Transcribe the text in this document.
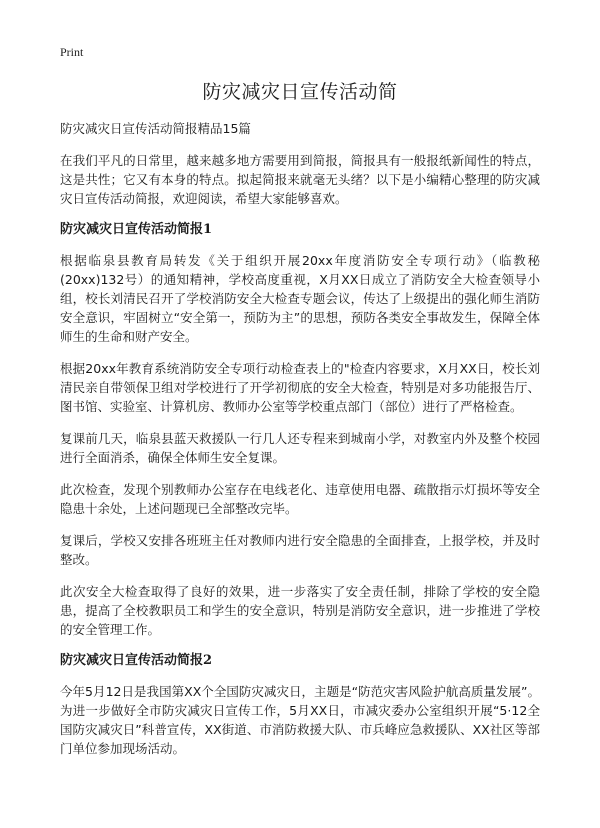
Print
防灾减灾日宣传活动简

防灾减灾日宣传活动简报精品15篇

在我们平凡的日常里，越来越多地方需要用到简报，简报具有一般报纸新闻性的特点，这是共性；它又有本身的特点。拟起简报来就毫无头绪？以下是小编精心整理的防灾减灾日宣传活动简报，欢迎阅读，希望大家能够喜欢。

防灾减灾日宣传活动简报1

根据临泉县教育局转发《关于组织开展20xx年度消防安全专项行动》（临教秘(20xx)132号）的通知精神，学校高度重视，X月XX日成立了消防安全大检查领导小组，校长刘清民召开了学校消防安全大检查专题会议，传达了上级提出的强化师生消防安全意识，牢固树立“安全第一，预防为主”的思想，预防各类安全事故发生，保障全体师生的生命和财产安全。

根据20xx年教育系统消防安全专项行动检查表上的"检查内容要求，X月XX日，校长刘清民亲自带领保卫组对学校进行了开学初彻底的安全大检查，特别是对多功能报告厅、图书馆、实验室、计算机房、教师办公室等学校重点部门（部位）进行了严格检查。

复课前几天，临泉县蓝天救援队一行几人还专程来到城南小学，对教室内外及整个校园进行全面消杀，确保全体师生安全复课。

此次检查，发现个别教师办公室存在电线老化、违章使用电器、疏散指示灯损坏等安全隐患十余处，上述问题现已全部整改完毕。

复课后，学校又安排各班班主任对教师内进行安全隐患的全面排查，上报学校，并及时整改。

此次安全大检查取得了良好的效果，进一步落实了安全责任制，排除了学校的安全隐患，提高了全校教职员工和学生的安全意识，特别是消防安全意识，进一步推进了学校的安全管理工作。

防灾减灾日宣传活动简报2

今年5月12日是我国第XX个全国防灾减灾日，主题是“防范灾害风险护航高质量发展”。为进一步做好全市防灾减灾日宣传工作，5月XX日，市减灾委办公室组织开展“5·12全国防灾减灾日”科普宣传，XX街道、市消防救援大队、市兵峰应急救援队、XX社区等部门单位参加现场活动。
